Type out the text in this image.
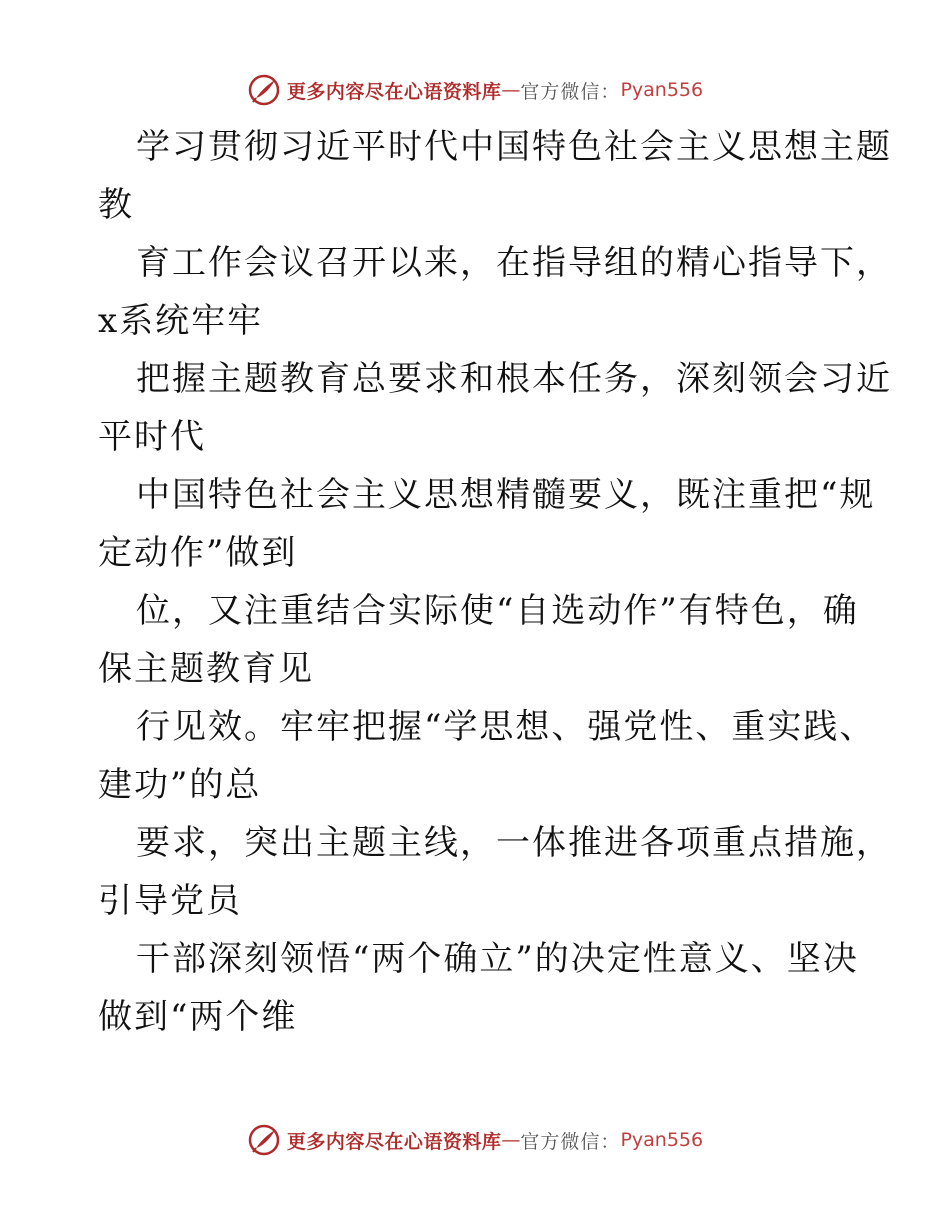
更多内容尽在心语资料库 — 官方微信： Pyan556
学习贯彻习近平时代中国特色社会主义思想主题
教
育工作会议召开以来，在指导组的精心指导下，
x系统牢牢
把握主题教育总要求和根本任务，深刻领会习近
平时代
中国特色社会主义思想精髓要义，既注重把“规
定动作”做到
位，又注重结合实际使“自选动作”有特色，确
保主题教育见
行见效。牢牢把握“学思想、强党性、重实践、
建功”的总
要求，突出主题主线，一体推进各项重点措施，
引导党员
干部深刻领悟“两个确立”的决定性意义、坚决
做到“两个维
更多内容尽在心语资料库 — 官方微信： Pyan556
